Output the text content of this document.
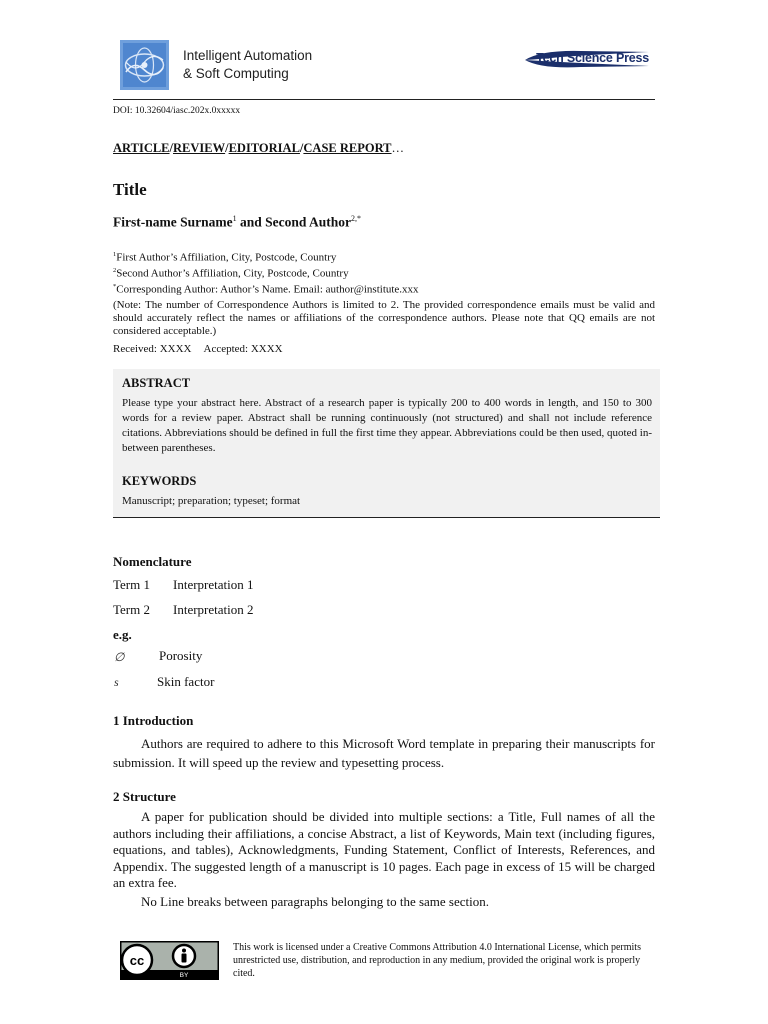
Intelligent Automation
& Soft Computing
Tech Science Press
DOI: 10.32604/iasc.202x.0xxxxx
ARTICLE/REVIEW/EDITORIAL/CASE REPORT…
Title
First-name Surname$^1$ and Second Author$^{2,*}$
$^1$First Author’s Affiliation, City, Postcode, Country
$^2$Second Author’s Affiliation, City, Postcode, Country
*Corresponding Author: Author’s Name. Email: author@institute.xxx
(Note: The number of Correspondence Authors is limited to 2. The provided correspondence emails must be valid and should accurately reflect the names or affiliations of the correspondence authors. Please note that QQ emails are not considered acceptable.)
Received: XXXX Accepted: XXXX
ABSTRACT
Please type your abstract here. Abstract of a research paper is typically 200 to 400 words in length, and 150 to 300 words for a review paper. Abstract shall be running continuously (not structured) and shall not include reference citations. Abbreviations should be defined in full the first time they appear. Abbreviations could be then used, quoted in-between parentheses.
KEYWORDS
Manuscript; preparation; typeset; format
Nomenclature
Term 1 Interpretation 1
Term 2 Interpretation 2
e.g.
∅	Porosity
s	Skin factor
1 Introduction
Authors are required to adhere to this Microsoft Word template in preparing their manuscripts for submission. It will speed up the review and typesetting process.
2 Structure
A paper for publication should be divided into multiple sections: a Title, Full names of all the authors including their affiliations, a concise Abstract, a list of Keywords, Main text (including figures, equations, and tables), Acknowledgments, Funding Statement, Conflict of Interests, References, and Appendix. The suggested length of a manuscript is 10 pages. Each page in excess of 15 will be charged an extra fee.
No Line breaks between paragraphs belonging to the same section.
cc
BY
This work is licensed under a Creative Commons Attribution 4.0 International License, which permits unrestricted use, distribution, and reproduction in any medium, provided the original work is properly cited.
